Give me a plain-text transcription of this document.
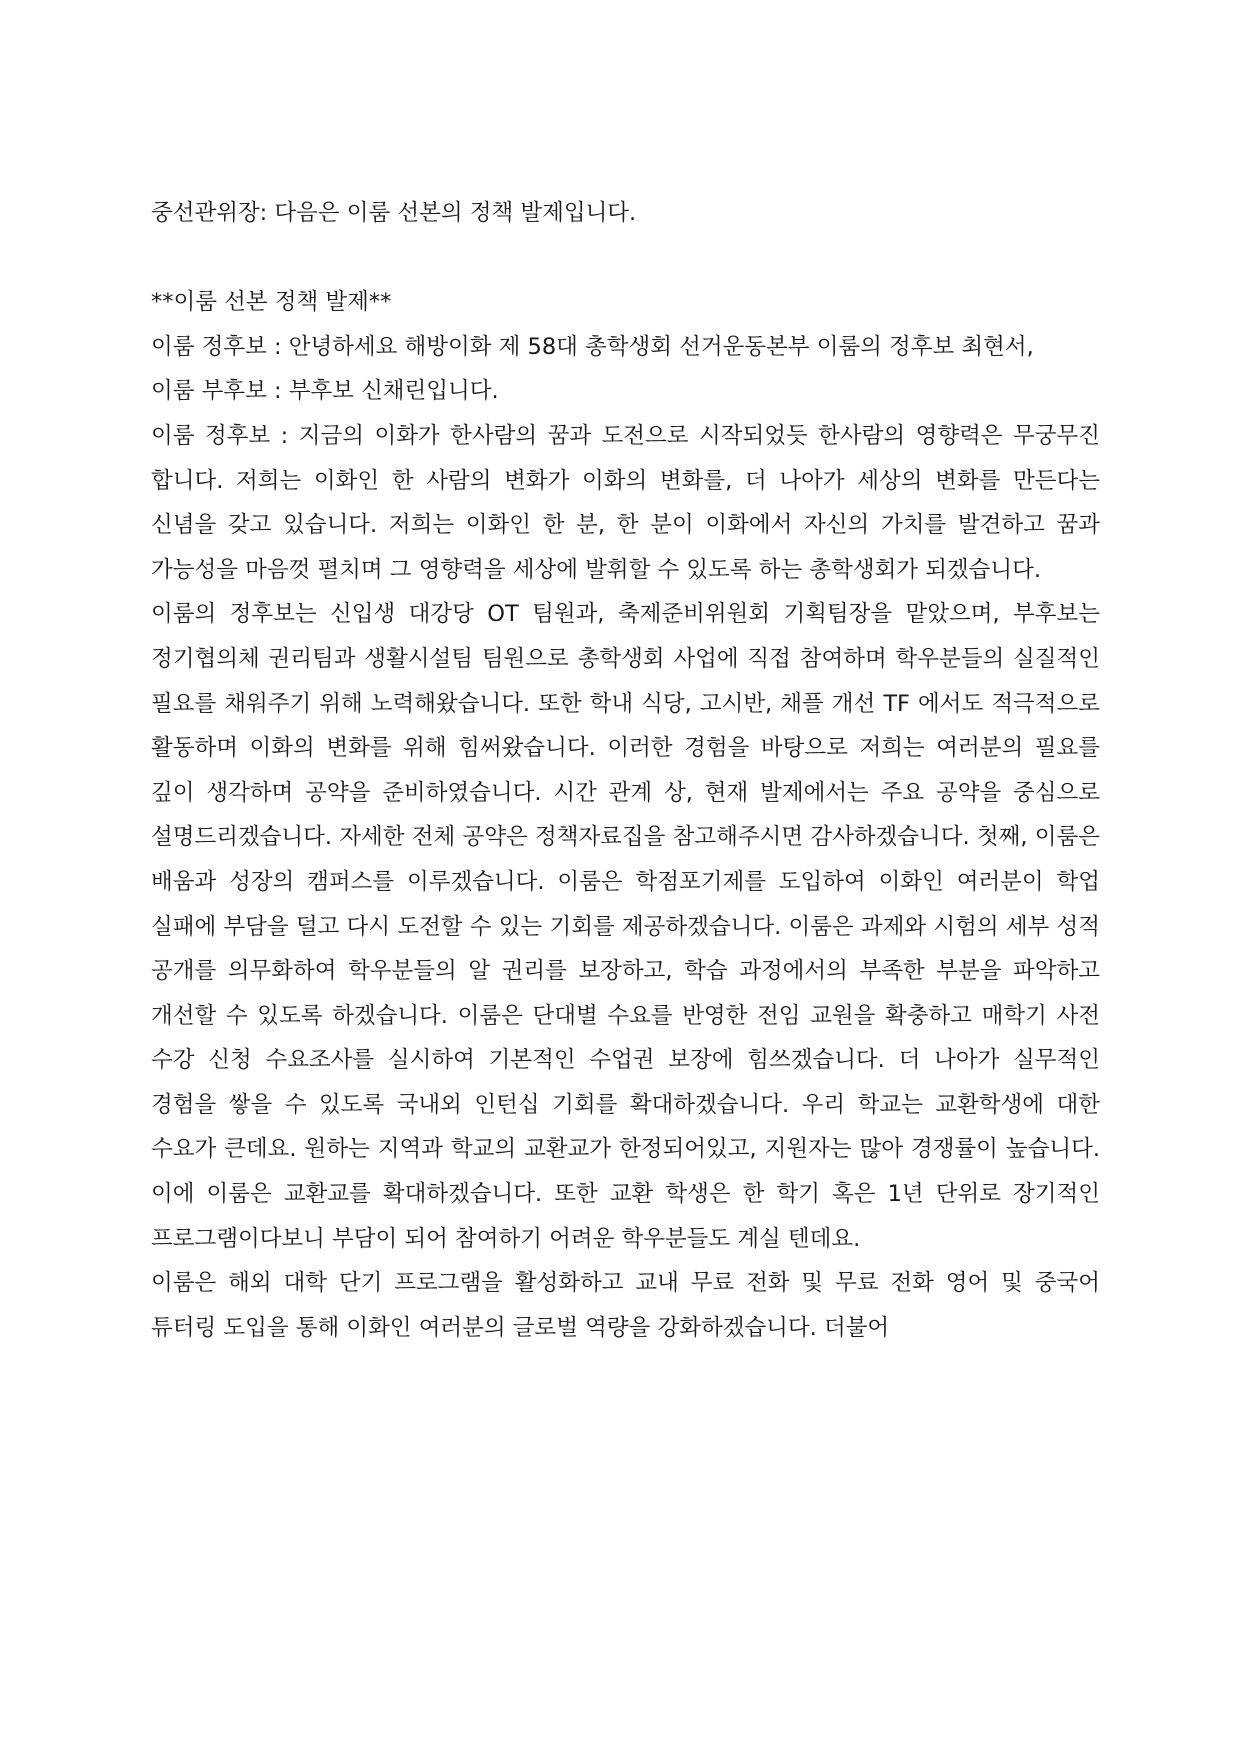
중선관위장: 다음은 이룸 선본의 정책 발제입니다.

**이룸 선본 정책 발제**

이룸 정후보 : 안녕하세요 해방이화 제 58대 총학생회 선거운동본부 이룸의 정후보 최현서,

이룸 부후보 : 부후보 신채린입니다.

이룸 정후보 : 지금의 이화가 한사람의 꿈과 도전으로 시작되었듯 한사람의 영향력은 무궁무진 합니다. 저희는 이화인 한 사람의 변화가 이화의 변화를, 더 나아가 세상의 변화를 만든다는 신념을 갖고 있습니다. 저희는 이화인 한 분, 한 분이 이화에서 자신의 가치를 발견하고 꿈과 가능성을 마음껏 펼치며 그 영향력을 세상에 발휘할 수 있도록 하는 총학생회가 되겠습니다.

이룸의 정후보는 신입생 대강당 OT 팀원과, 축제준비위원회 기획팀장을 맡았으며, 부후보는 정기협의체 권리팀과 생활시설팀 팀원으로 총학생회 사업에 직접 참여하며 학우분들의 실질적인 필요를 채워주기 위해 노력해왔습니다. 또한 학내 식당, 고시반, 채플 개선 TF 에서도 적극적으로 활동하며 이화의 변화를 위해 힘써왔습니다. 이러한 경험을 바탕으로 저희는 여러분의 필요를 깊이 생각하며 공약을 준비하였습니다. 시간 관계 상, 현재 발제에서는 주요 공약을 중심으로 설명드리겠습니다. 자세한 전체 공약은 정책자료집을 참고해주시면 감사하겠습니다. 첫째, 이룸은 배움과 성장의 캠퍼스를 이루겠습니다. 이룸은 학점포기제를 도입하여 이화인 여러분이 학업 실패에 부담을 덜고 다시 도전할 수 있는 기회를 제공하겠습니다. 이룸은 과제와 시험의 세부 성적 공개를 의무화하여 학우분들의 알 권리를 보장하고, 학습 과정에서의 부족한 부분을 파악하고 개선할 수 있도록 하겠습니다. 이룸은 단대별 수요를 반영한 전임 교원을 확충하고 매학기 사전 수강 신청 수요조사를 실시하여 기본적인 수업권 보장에 힘쓰겠습니다. 더 나아가 실무적인 경험을 쌓을 수 있도록 국내외 인턴십 기회를 확대하겠습니다. 우리 학교는 교환학생에 대한 수요가 큰데요. 원하는 지역과 학교의 교환교가 한정되어있고, 지원자는 많아 경쟁률이 높습니다. 이에 이룸은 교환교를 확대하겠습니다. 또한 교환 학생은 한 학기 혹은 1년 단위로 장기적인 프로그램이다보니 부담이 되어 참여하기 어려운 학우분들도 계실 텐데요.

이룸은 해외 대학 단기 프로그램을 활성화하고 교내 무료 전화 및 무료 전화 영어 및 중국어 튜터링 도입을 통해 이화인 여러분의 글로벌 역량을 강화하겠습니다. 더불어
